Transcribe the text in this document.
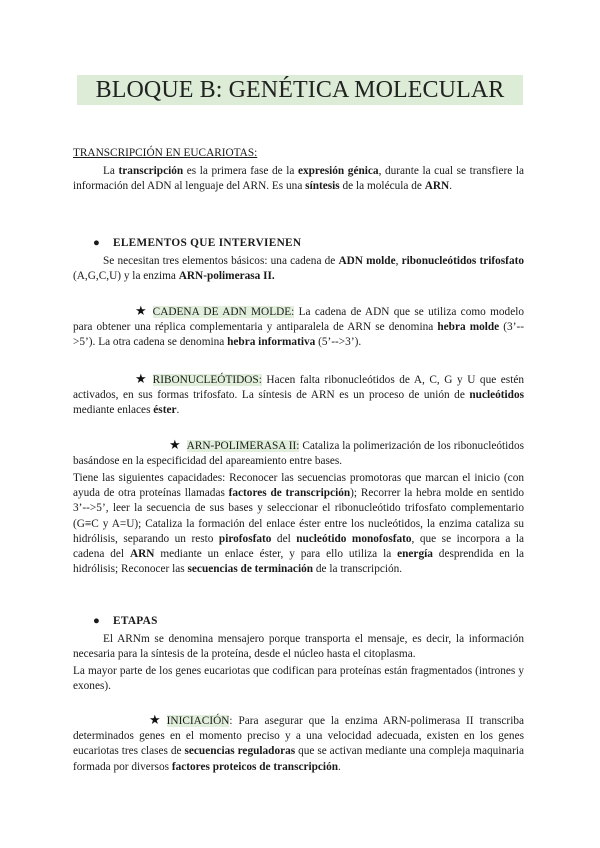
BLOQUE B: GENÉTICA MOLECULAR
TRANSCRIPCIÓN EN EUCARIOTAS:

La transcripción es la primera fase de la expresión génica, durante la cual se transfiere la información del ADN al lenguaje del ARN. Es una síntesis de la molécula de ARN.

● ELEMENTOS QUE INTERVIENEN

Se necesitan tres elementos básicos: una cadena de ADN molde, ribonucleótidos trifosfato (A,G,C,U) y la enzima ARN-polimerasa II.

★ CADENA DE ADN MOLDE: La cadena de ADN que se utiliza como modelo para obtener una réplica complementaria y antiparalela de ARN se denomina hebra molde (3’-->5’). La otra cadena se denomina hebra informativa (5’-->3’).

★ RIBONUCLEÓTIDOS: Hacen falta ribonucleótidos de A, C, G y U que estén activados, en sus formas trifosfato. La síntesis de ARN es un proceso de unión de nucleótidos mediante enlaces éster.

★ ARN-POLIMERASA II: Cataliza la polimerización de los ribonucleótidos basándose en la especificidad del apareamiento entre bases.

Tiene las siguientes capacidades: Reconocer las secuencias promotoras que marcan el inicio (con ayuda de otra proteínas llamadas factores de transcripción); Recorrer la hebra molde en sentido 3’-->5’, leer la secuencia de sus bases y seleccionar el ribonucleótido trifosfato complementario (G≡C y A=U); Cataliza la formación del enlace éster entre los nucleótidos, la enzima cataliza su hidrólisis, separando un resto pirofosfato del nucleótido monofosfato, que se incorpora a la cadena del ARN mediante un enlace éster, y para ello utiliza la energía desprendida en la hidrólisis; Reconocer las secuencias de terminación de la transcripción.

● ETAPAS

El ARNm se denomina mensajero porque transporta el mensaje, es decir, la información necesaria para la síntesis de la proteína, desde el núcleo hasta el citoplasma.

La mayor parte de los genes eucariotas que codifican para proteínas están fragmentados (intrones y exones).

★ INICIACIÓN: Para asegurar que la enzima ARN-polimerasa II transcriba determinados genes en el momento preciso y a una velocidad adecuada, existen en los genes eucariotas tres clases de secuencias reguladoras que se activan mediante una compleja maquinaria formada por diversos factores proteicos de transcripción.
